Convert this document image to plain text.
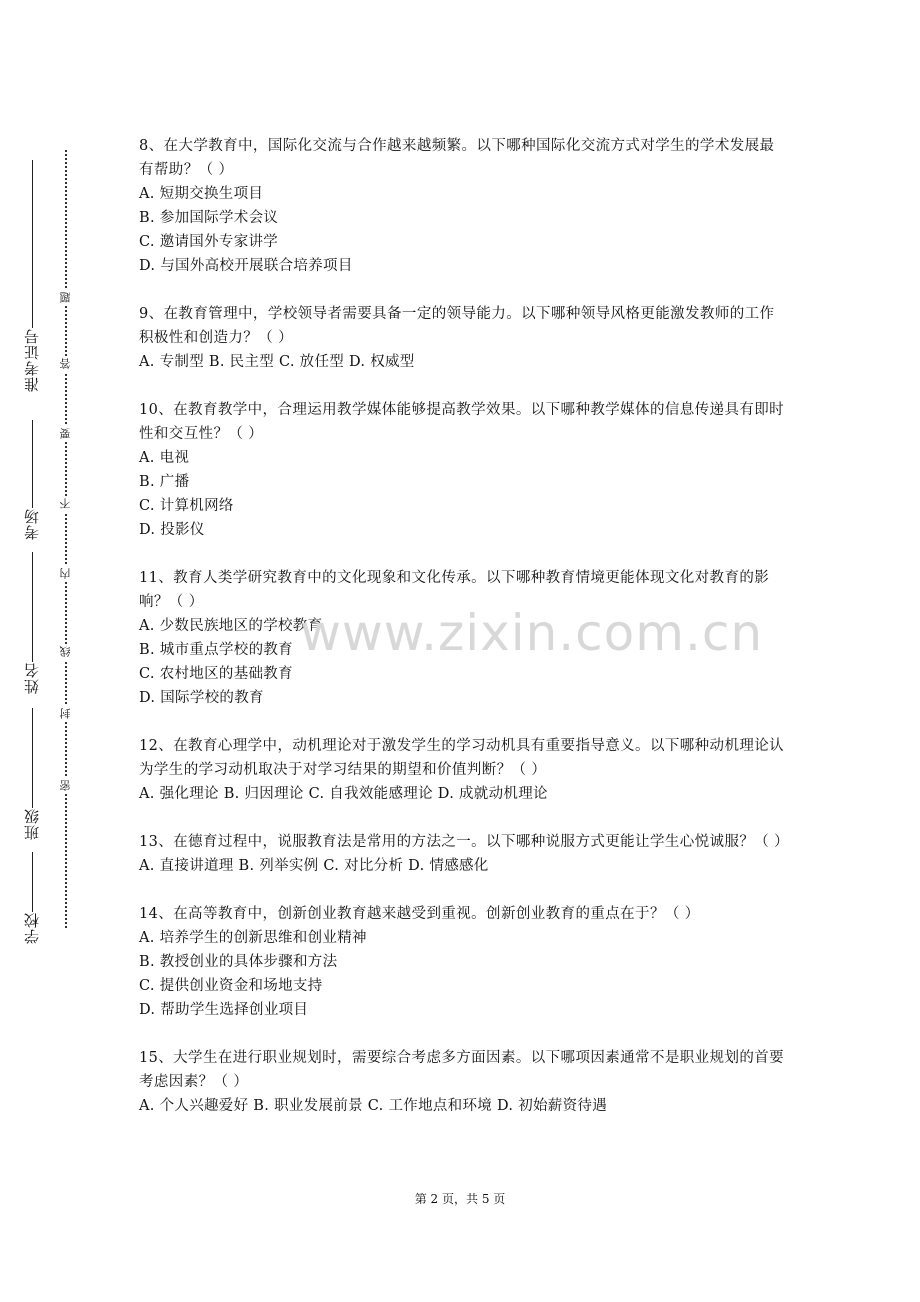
准考证号
考场
姓名
班级
学校
密
封
线
内
不
要
答
题

8、在大学教育中，国际化交流与合作越来越频繁。以下哪种国际化交流方式对学生的学术发展最有帮助？（ ）

A. 短期交换生项目

B. 参加国际学术会议

C. 邀请国外专家讲学

D. 与国外高校开展联合培养项目

9、在教育管理中，学校领导者需要具备一定的领导能力。以下哪种领导风格更能激发教师的工作积极性和创造力？（ ）

A. 专制型 B. 民主型 C. 放任型 D. 权威型

10、在教育教学中，合理运用教学媒体能够提高教学效果。以下哪种教学媒体的信息传递具有即时性和交互性？（ ）

A. 电视

B. 广播

C. 计算机网络

D. 投影仪

11、教育人类学研究教育中的文化现象和文化传承。以下哪种教育情境更能体现文化对教育的影响？（ ）

A. 少数民族地区的学校教育

B. 城市重点学校的教育

C. 农村地区的基础教育

D. 国际学校的教育

12、在教育心理学中，动机理论对于激发学生的学习动机具有重要指导意义。以下哪种动机理论认为学生的学习动机取决于对学习结果的期望和价值判断？（ ）

A. 强化理论 B. 归因理论 C. 自我效能感理论 D. 成就动机理论

13、在德育过程中，说服教育法是常用的方法之一。以下哪种说服方式更能让学生心悦诚服？（ ）

A. 直接讲道理 B. 列举实例 C. 对比分析 D. 情感感化

14、在高等教育中，创新创业教育越来越受到重视。创新创业教育的重点在于？（ ）

A. 培养学生的创新思维和创业精神

B. 教授创业的具体步骤和方法

C. 提供创业资金和场地支持

D. 帮助学生选择创业项目

15、大学生在进行职业规划时，需要综合考虑多方面因素。以下哪项因素通常不是职业规划的首要考虑因素？（ ）

A. 个人兴趣爱好 B. 职业发展前景 C. 工作地点和环境 D. 初始薪资待遇

www.zixin.com.cn
第 2 页，共 5 页
